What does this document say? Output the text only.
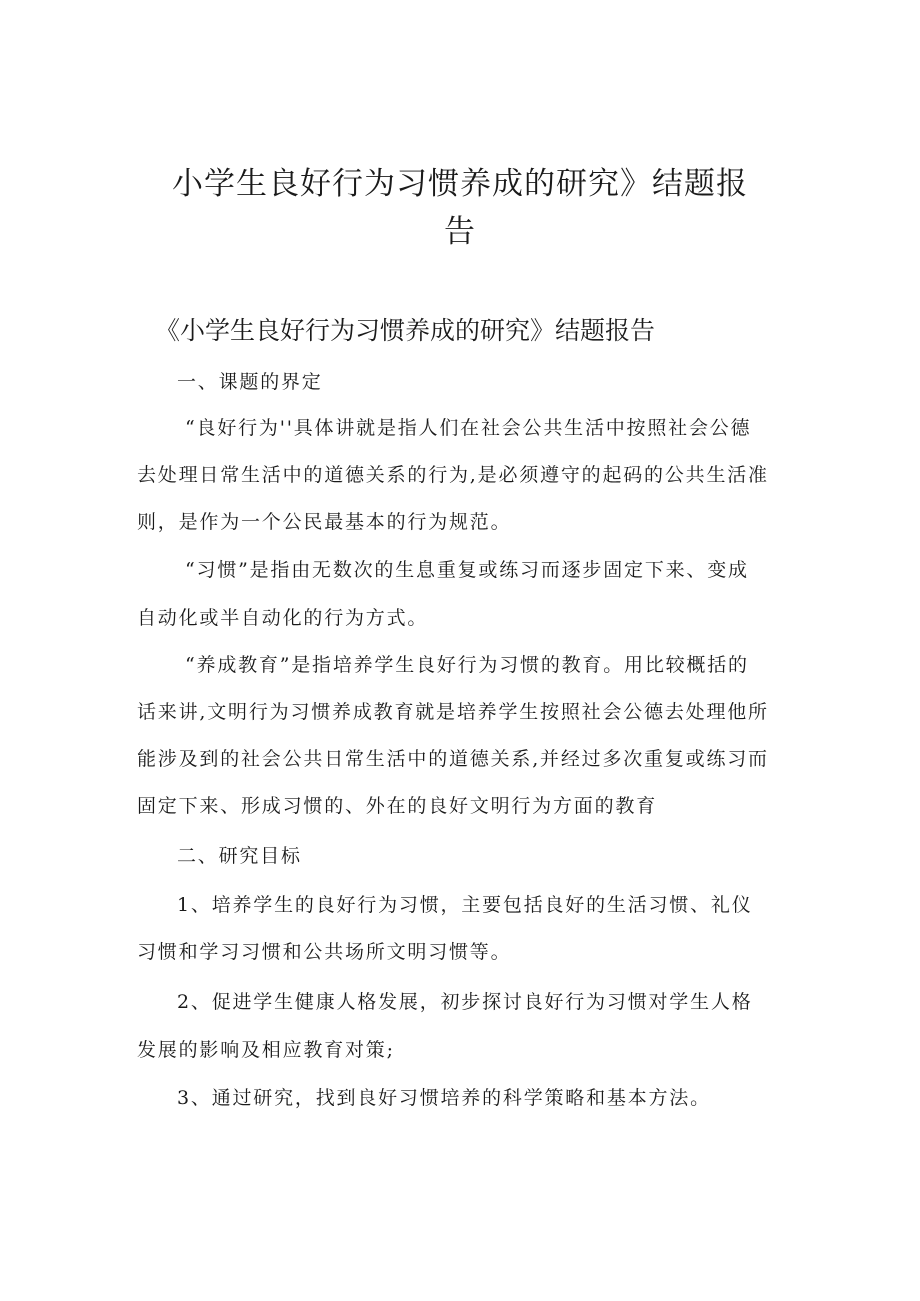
小学生良好行为习惯养成的研究》结题报
告
《小学生良好行为习惯养成的研究》结题报告

一、课题的界定

“良好行为''具体讲就是指人们在社会公共生活中按照社会公德

去处理日常生活中的道德关系的行为,是必须遵守的起码的公共生活准

则，是作为一个公民最基本的行为规范。

“习惯”是指由无数次的生息重复或练习而逐步固定下来、变成

自动化或半自动化的行为方式。

“养成教育”是指培养学生良好行为习惯的教育。用比较概括的

话来讲,文明行为习惯养成教育就是培养学生按照社会公德去处理他所

能涉及到的社会公共日常生活中的道德关系,并经过多次重复或练习而

固定下来、形成习惯的、外在的良好文明行为方面的教育

二、研究目标

1、培养学生的良好行为习惯，主要包括良好的生活习惯、礼仪

习惯和学习习惯和公共场所文明习惯等。

2、促进学生健康人格发展，初步探讨良好行为习惯对学生人格

发展的影响及相应教育对策;

3、通过研究，找到良好习惯培养的科学策略和基本方法。
